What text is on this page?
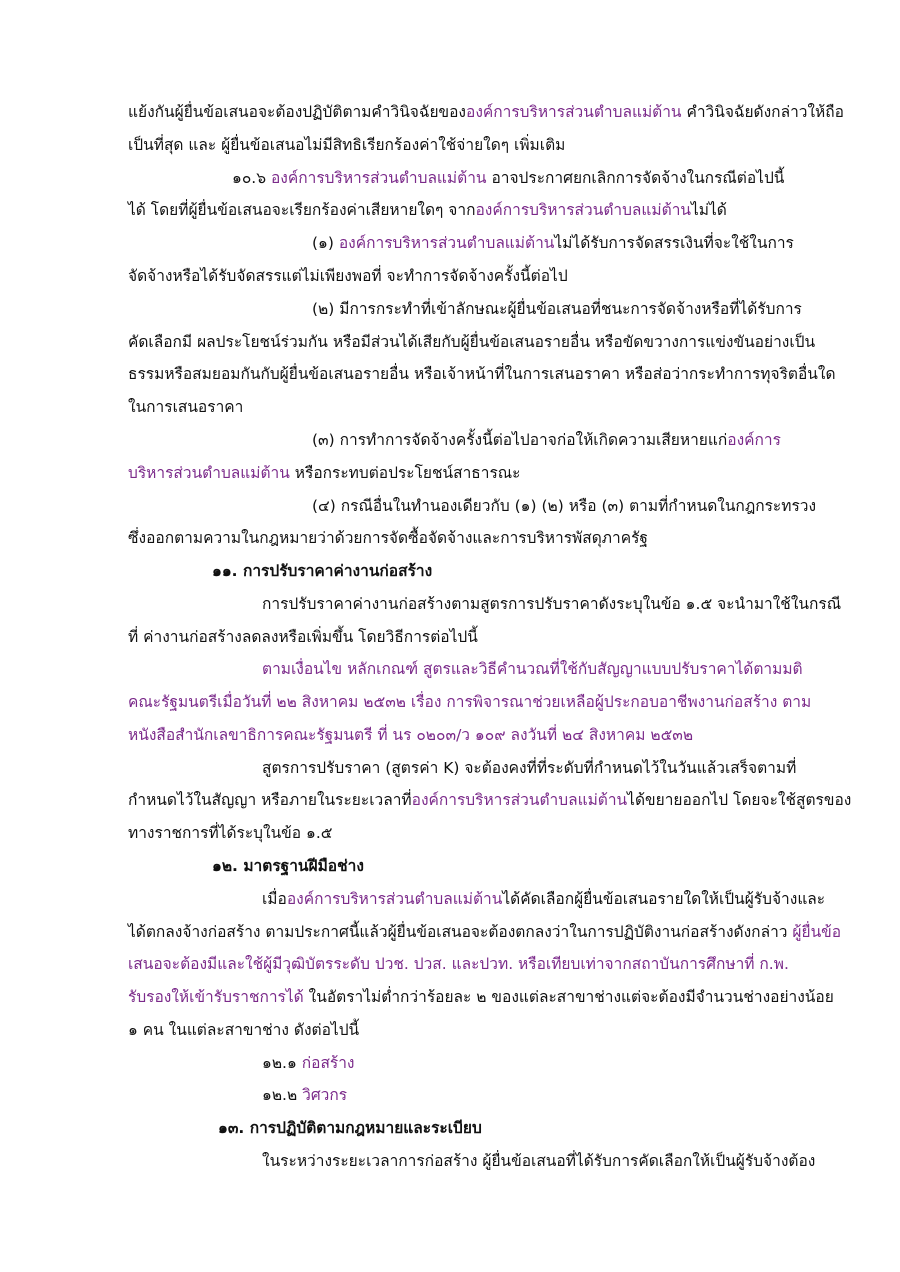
แย้งกันผู้ยื่นข้อเสนอจะต้องปฏิบัติตามคำวินิจฉัยขององค์การบริหารส่วนตำบลแม่ต้าน คำวินิจฉัยดังกล่าวให้ถือ
เป็นที่สุด และ ผู้ยื่นข้อเสนอไม่มีสิทธิเรียกร้องค่าใช้จ่ายใดๆ เพิ่มเติม
๑๐.๖ องค์การบริหารส่วนตำบลแม่ต้าน อาจประกาศยกเลิกการจัดจ้างในกรณีต่อไปนี้
ได้ โดยที่ผู้ยื่นข้อเสนอจะเรียกร้องค่าเสียหายใดๆ จากองค์การบริหารส่วนตำบลแม่ต้านไม่ได้
(๑) องค์การบริหารส่วนตำบลแม่ต้านไม่ได้รับการจัดสรรเงินที่จะใช้ในการ
จัดจ้างหรือได้รับจัดสรรแต่ไม่เพียงพอที่ จะทำการจัดจ้างครั้งนี้ต่อไป
(๒) มีการกระทำที่เข้าลักษณะผู้ยื่นข้อเสนอที่ชนะการจัดจ้างหรือที่ได้รับการ
คัดเลือกมี ผลประโยชน์ร่วมกัน หรือมีส่วนได้เสียกับผู้ยื่นข้อเสนอรายอื่น หรือขัดขวางการแข่งขันอย่างเป็น
ธรรมหรือสมยอมกันกับผู้ยื่นข้อเสนอรายอื่น หรือเจ้าหน้าที่ในการเสนอราคา หรือส่อว่ากระทำการทุจริตอื่นใด
ในการเสนอราคา
(๓) การทำการจัดจ้างครั้งนี้ต่อไปอาจก่อให้เกิดความเสียหายแก่องค์การ
บริหารส่วนตำบลแม่ต้าน หรือกระทบต่อประโยชน์สาธารณะ
(๔) กรณีอื่นในทำนองเดียวกับ (๑) (๒) หรือ (๓) ตามที่กำหนดในกฎกระทรวง
ซึ่งออกตามความในกฎหมายว่าด้วยการจัดซื้อจัดจ้างและการบริหารพัสดุภาครัฐ
๑๑. การปรับราคาค่างานก่อสร้าง
การปรับราคาค่างานก่อสร้างตามสูตรการปรับราคาดังระบุในข้อ ๑.๕ จะนำมาใช้ในกรณี
ที่ ค่างานก่อสร้างลดลงหรือเพิ่มขึ้น โดยวิธีการต่อไปนี้
ตามเงื่อนไข หลักเกณฑ์ สูตรและวิธีคำนวณที่ใช้กับสัญญาแบบปรับราคาได้ตามมติ
คณะรัฐมนตรีเมื่อวันที่ ๒๒ สิงหาคม ๒๕๓๒ เรื่อง การพิจารณาช่วยเหลือผู้ประกอบอาชีพงานก่อสร้าง ตาม
หนังสือสำนักเลขาธิการคณะรัฐมนตรี ที่ นร ๐๒๐๓/ว ๑๐๙ ลงวันที่ ๒๔ สิงหาคม ๒๕๓๒
สูตรการปรับราคา (สูตรค่า K) จะต้องคงที่ที่ระดับที่กำหนดไว้ในวันแล้วเสร็จตามที่
กำหนดไว้ในสัญญา หรือภายในระยะเวลาที่องค์การบริหารส่วนตำบลแม่ต้านได้ขยายออกไป โดยจะใช้สูตรของ
ทางราชการที่ได้ระบุในข้อ ๑.๕
๑๒. มาตรฐานฝีมือช่าง
เมื่อองค์การบริหารส่วนตำบลแม่ต้านได้คัดเลือกผู้ยื่นข้อเสนอรายใดให้เป็นผู้รับจ้างและ
ได้ตกลงจ้างก่อสร้าง ตามประกาศนี้แล้วผู้ยื่นข้อเสนอจะต้องตกลงว่าในการปฏิบัติงานก่อสร้างดังกล่าว ผู้ยื่นข้อ
เสนอจะต้องมีและใช้ผู้มีวุฒิบัตรระดับ ปวช. ปวส. และปวท. หรือเทียบเท่าจากสถาบันการศึกษาที่ ก.พ.
รับรองให้เข้ารับราชการได้ ในอัตราไม่ต่ำกว่าร้อยละ ๒ ของแต่ละสาขาช่างแต่จะต้องมีจำนวนช่างอย่างน้อย
๑ คน ในแต่ละสาขาช่าง ดังต่อไปนี้
๑๒.๑ ก่อสร้าง
๑๒.๒ วิศวกร
๑๓. การปฏิบัติตามกฎหมายและระเบียบ
ในระหว่างระยะเวลาการก่อสร้าง ผู้ยื่นข้อเสนอที่ได้รับการคัดเลือกให้เป็นผู้รับจ้างต้อง
